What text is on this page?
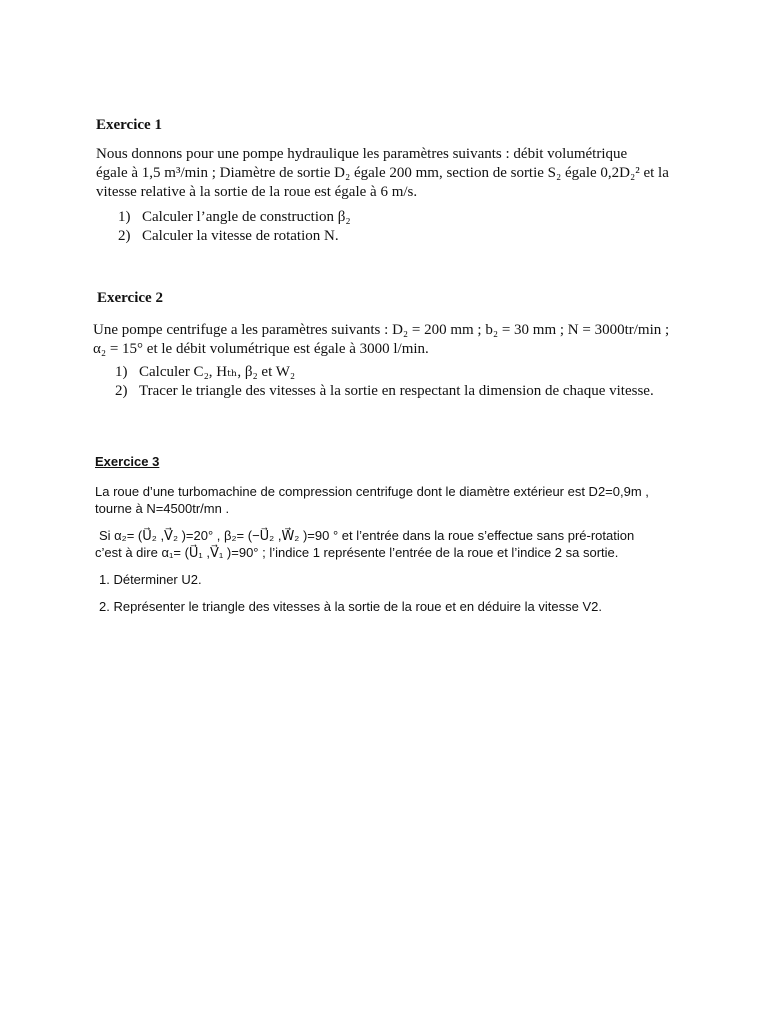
Exercice 1
Nous donnons pour une pompe hydraulique les paramètres suivants : débit volumétrique
égale à 1,5 m³/min ; Diamètre de sortie D₂ égale 200 mm, section de sortie S₂ égale 0,2D₂² et la
vitesse relative à la sortie de la roue est égale à 6 m/s.
1) Calculer l’angle de construction β₂
2) Calculer la vitesse de rotation N.
Exercice 2
Une pompe centrifuge a les paramètres suivants : D₂ = 200 mm ; b₂ = 30 mm ; N = 3000tr/min ;
α₂ = 15° et le débit volumétrique est égale à 3000 l/min.
1) Calculer C₂, Hₜₕ, β₂ et W₂
2) Tracer le triangle des vitesses à la sortie en respectant la dimension de chaque vitesse.
Exercice 3
La roue d’une turbomachine de compression centrifuge dont le diamètre extérieur est D2=0,9m ,
tourne à N=4500tr/mn .
Si α₂= (U⃗₂ ,V⃗₂ )=20° , β₂= (−U⃗₂ ,W⃗₂ )=90 ° et l’entrée dans la roue s’effectue sans pré-rotation
c’est à dire α₁= (U⃗₁ ,V⃗₁ )=90° ; l’indice 1 représente l’entrée de la roue et l’indice 2 sa sortie.
1. Déterminer U2.
2. Représenter le triangle des vitesses à la sortie de la roue et en déduire la vitesse V2.
